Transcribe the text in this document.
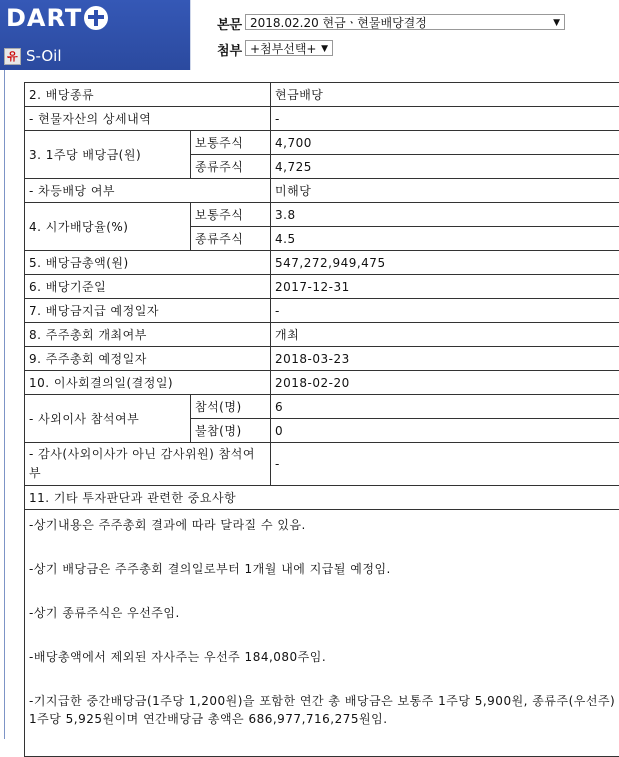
DART
유 S-Oil
본문 2018.02.20 현금ㆍ현물배당결정	▼
첨부 +첨부선택+ ▼
2. 배당종류		현금배당
- 현물자산의 상세내역		-
3. 1주당 배당금(원)	보통주식	4,700
	종류주식	4,725
- 차등배당 여부		미해당
4. 시가배당율(%)	보통주식	3.8
	종류주식	4.5
5. 배당금총액(원)		547,272,949,475
6. 배당기준일		2017-12-31
7. 배당금지급 예정일자		-
8. 주주총회 개최여부		개최
9. 주주총회 예정일자		2018-03-23
10. 이사회결의일(결정일)		2018-02-20
- 사외이사 참석여부	참석(명)	6
	불참(명)	0
- 감사(사외이사가 아닌 감사위원) 참석여부		-
11. 기타 투자판단과 관련한 중요사항		

-상기내용은 주주총회 결과에 따라 달라질 수 있음.
-상기 배당금은 주주총회 결의일로부터 1개월 내에 지급될 예정임.
-상기 종류주식은 우선주임.
-배당총액에서 제외된 자사주는 우선주 184,080주임.
-기지급한 중간배당금(1주당 1,200원)을 포함한 연간 총 배당금은 보통주 1주당 5,900원, 종류주(우선주) 1주당 5,925원이며 연간배당금 총액은 686,977,716,275원임.		
